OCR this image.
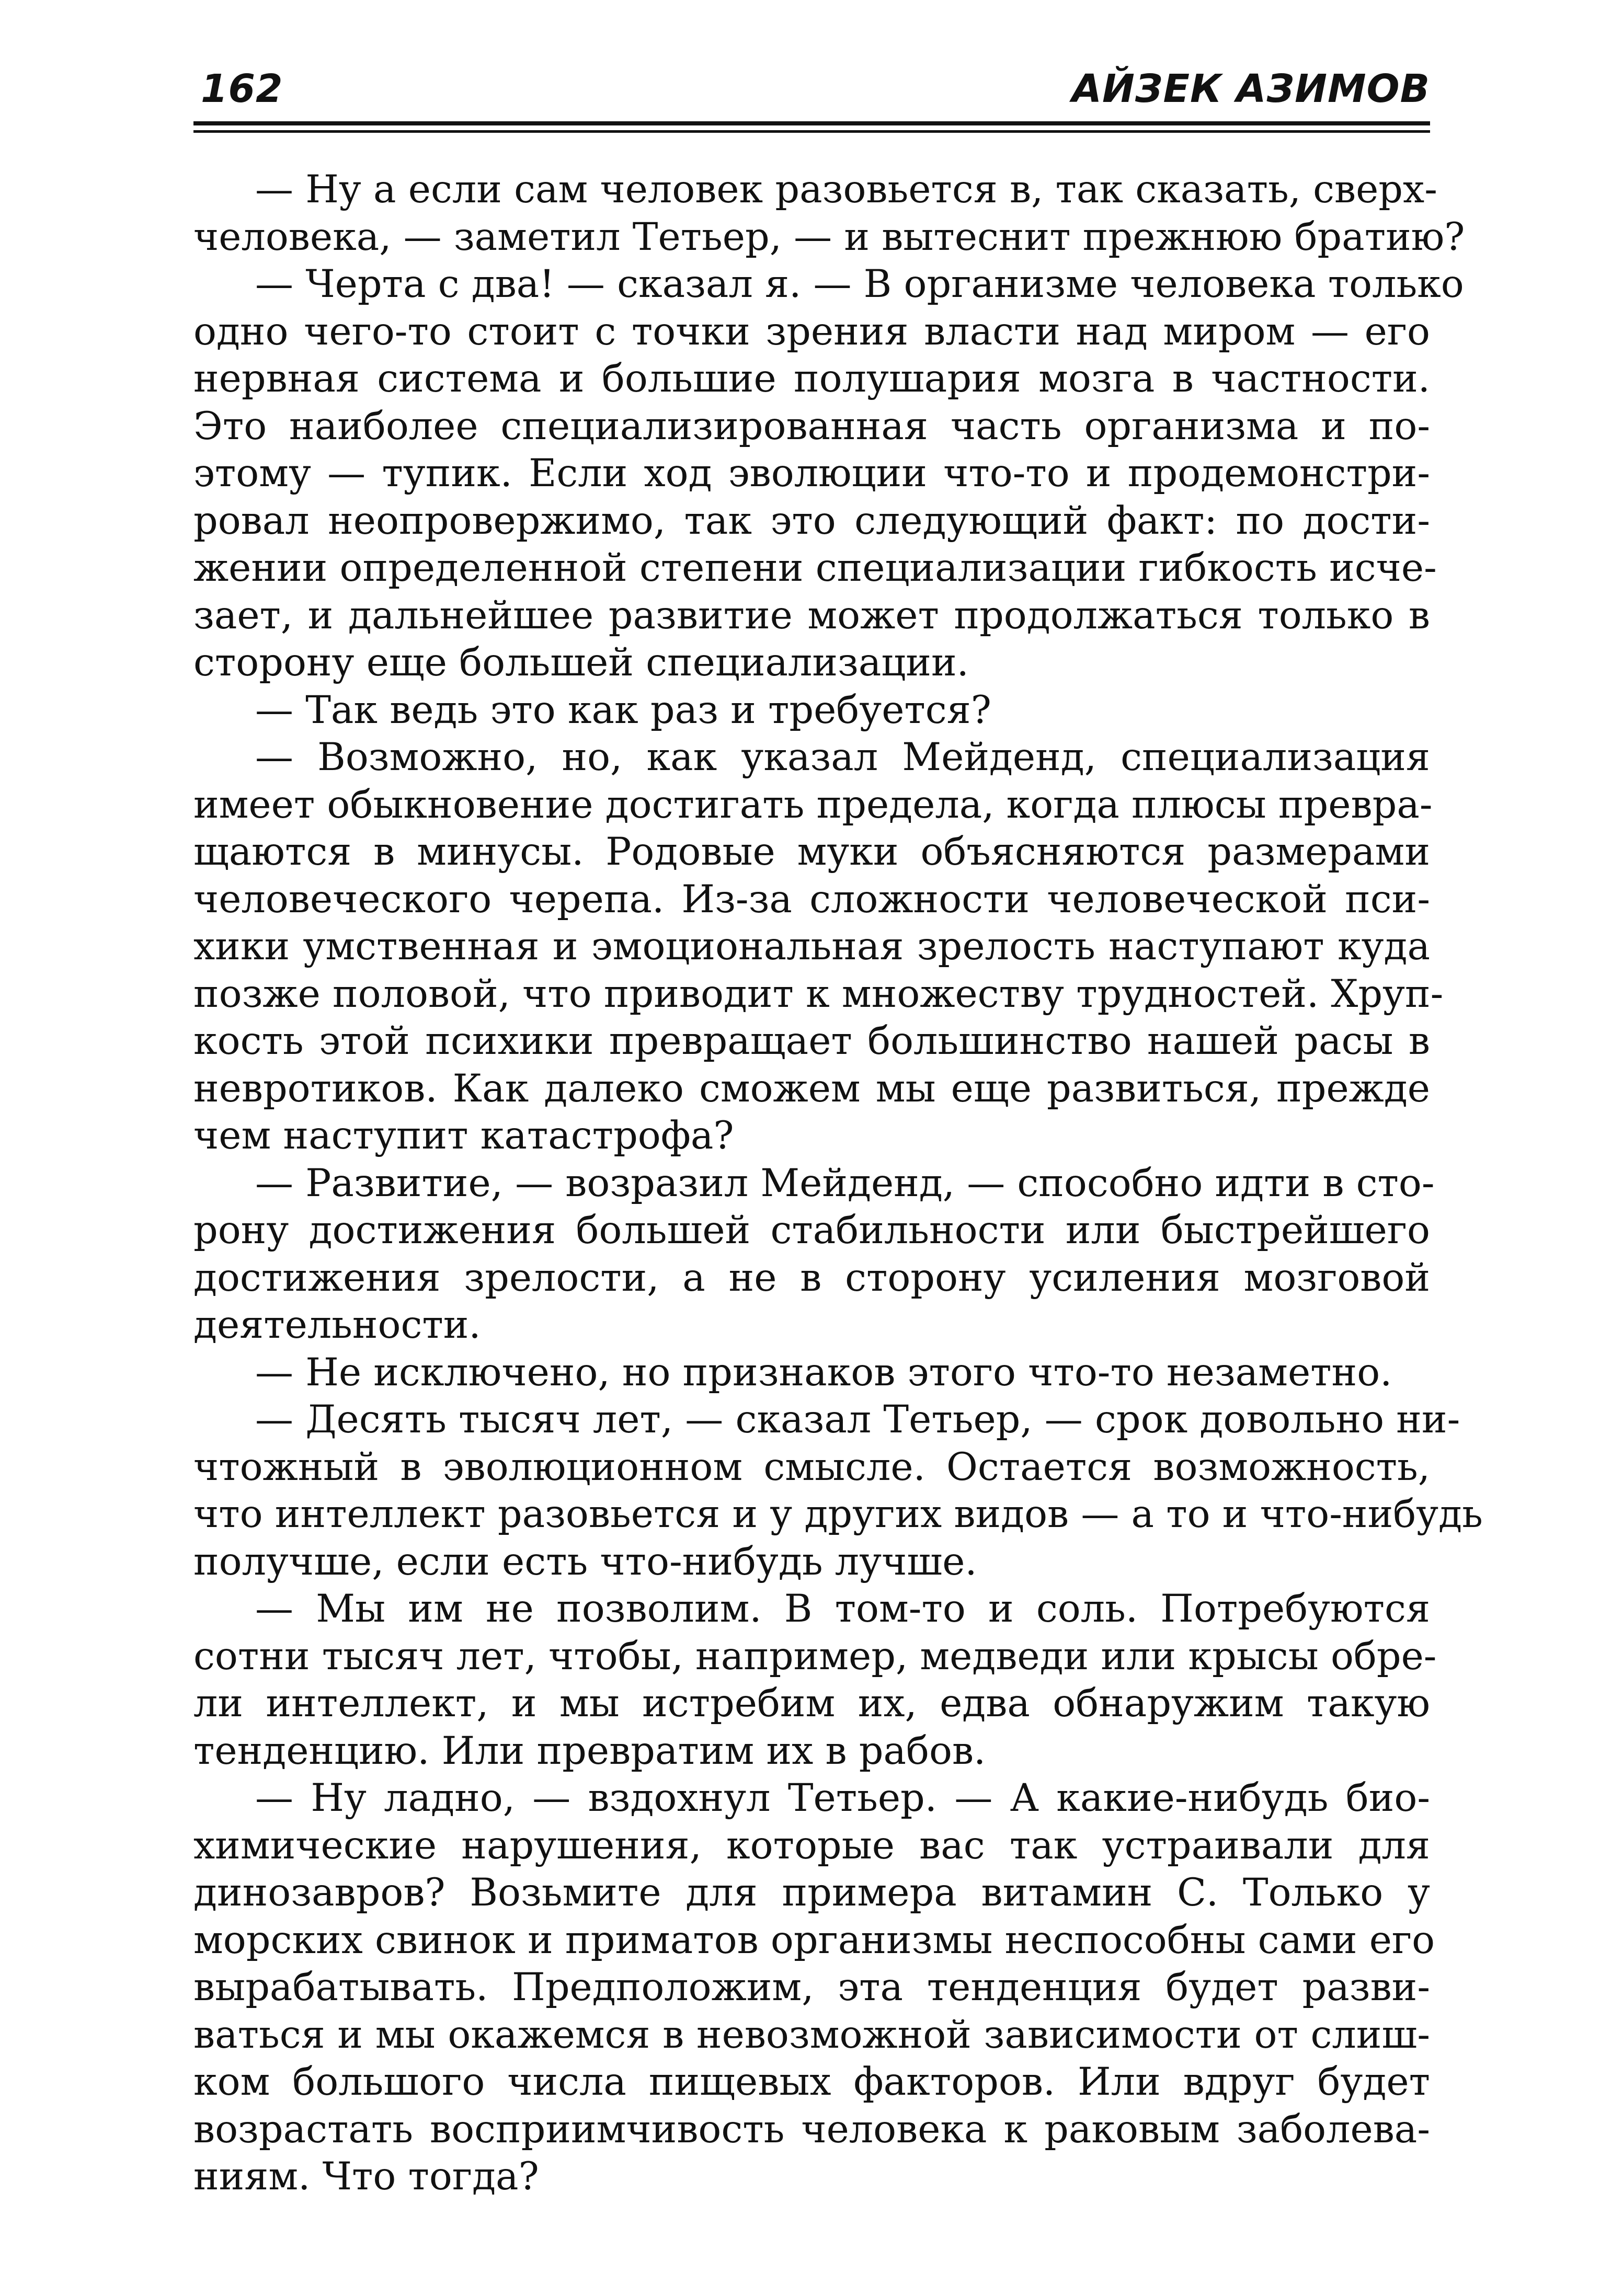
162	АЙЗЕК АЗИМОВ
— Ну а если сам человек разовьется в, так сказать, сверх-
человека, — заметил Тетьер, — и вытеснит прежнюю братию?
— Черта с два! — сказал я. — В организме человека только
одно чего-то стоит с точки зрения власти над миром — его
нервная система и большие полушария мозга в частности.
Это наиболее специализированная часть организма и по-
этому — тупик. Если ход эволюции что-то и продемонстри-
ровал неопровержимо, так это следующий факт: по дости-
жении определенной степени специализации гибкость исче-
зает, и дальнейшее развитие может продолжаться только в
сторону еще большей специализации.
— Так ведь это как раз и требуется?
— Возможно, но, как указал Мейденд, специализация
имеет обыкновение достигать предела, когда плюсы превра-
щаются в минусы. Родовые муки объясняются размерами
человеческого черепа. Из-за сложности человеческой пси-
хики умственная и эмоциональная зрелость наступают куда
позже половой, что приводит к множеству трудностей. Хруп-
кость этой психики превращает большинство нашей расы в
невротиков. Как далеко сможем мы еще развиться, прежде
чем наступит катастрофа?
— Развитие, — возразил Мейденд, — способно идти в сто-
рону достижения большей стабильности или быстрейшего
достижения зрелости, а не в сторону усиления мозговой
деятельности.
— Не исключено, но признаков этого что-то незаметно.
— Десять тысяч лет, — сказал Тетьер, — срок довольно ни-
чтожный в эволюционном смысле. Остается возможность,
что интеллект разовьется и у других видов — а то и что-нибудь
получше, если есть что-нибудь лучше.
— Мы им не позволим. В том-то и соль. Потребуются
сотни тысяч лет, чтобы, например, медведи или крысы обре-
ли интеллект, и мы истребим их, едва обнаружим такую
тенденцию. Или превратим их в рабов.
— Ну ладно, — вздохнул Тетьер. — А какие-нибудь био-
химические нарушения, которые вас так устраивали для
динозавров? Возьмите для примера витамин С. Только у
морских свинок и приматов организмы неспособны сами его
вырабатывать. Предположим, эта тенденция будет разви-
ваться и мы окажемся в невозможной зависимости от слиш-
ком большого числа пищевых факторов. Или вдруг будет
возрастать восприимчивость человека к раковым заболева-
ниям. Что тогда?
